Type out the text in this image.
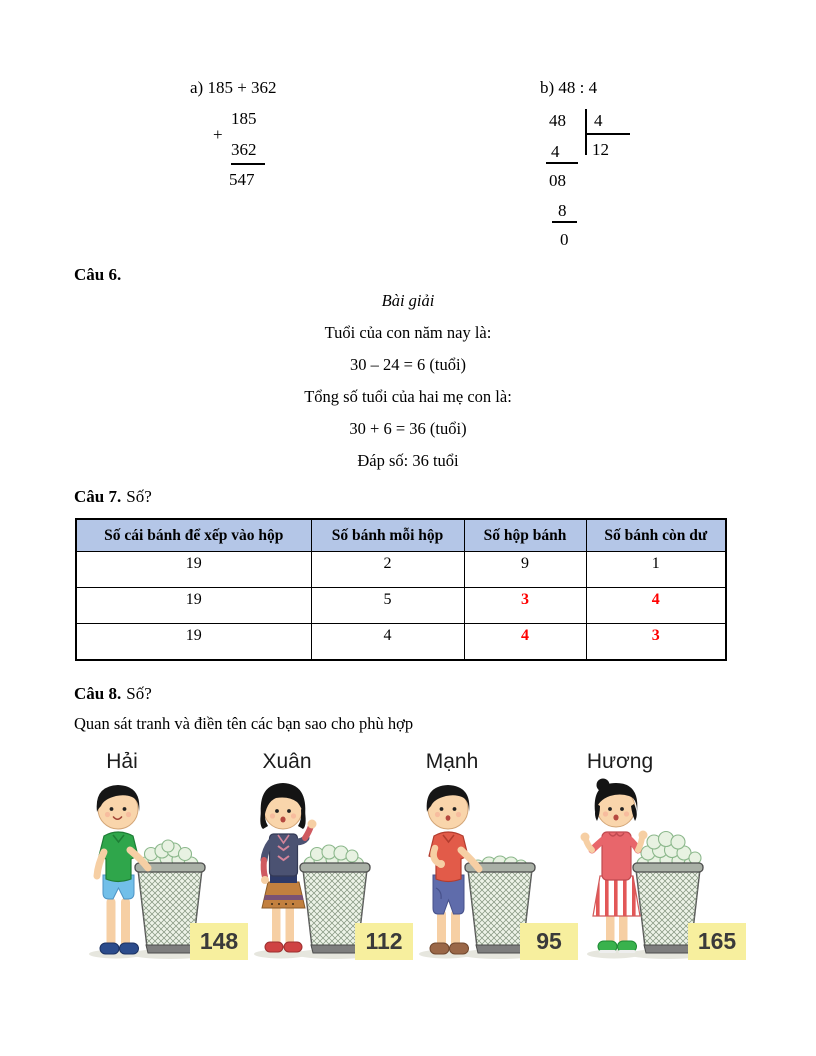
a) 185 + 362
185
+
362
547
b) 48 : 4
48 4
4 12
08
8
0
Câu 6.
Bài giải
Tuổi của con năm nay là:
30 – 24 = 6 (tuổi)
Tổng số tuổi của hai mẹ con là:
30 + 6 = 36 (tuổi)
Đáp số: 36 tuổi
Câu 7. Số?
Số cái bánh để xếp vào hộp	Số bánh mỗi hộp	Số hộp bánh	Số bánh còn dư
19	2	9	1
19	5	3	4
19	4	4	3
Câu 8. Số?
Quan sát tranh và điền tên các bạn sao cho phù hợp
Hải
148
Xuân
112
Mạnh
95
Hương
165
